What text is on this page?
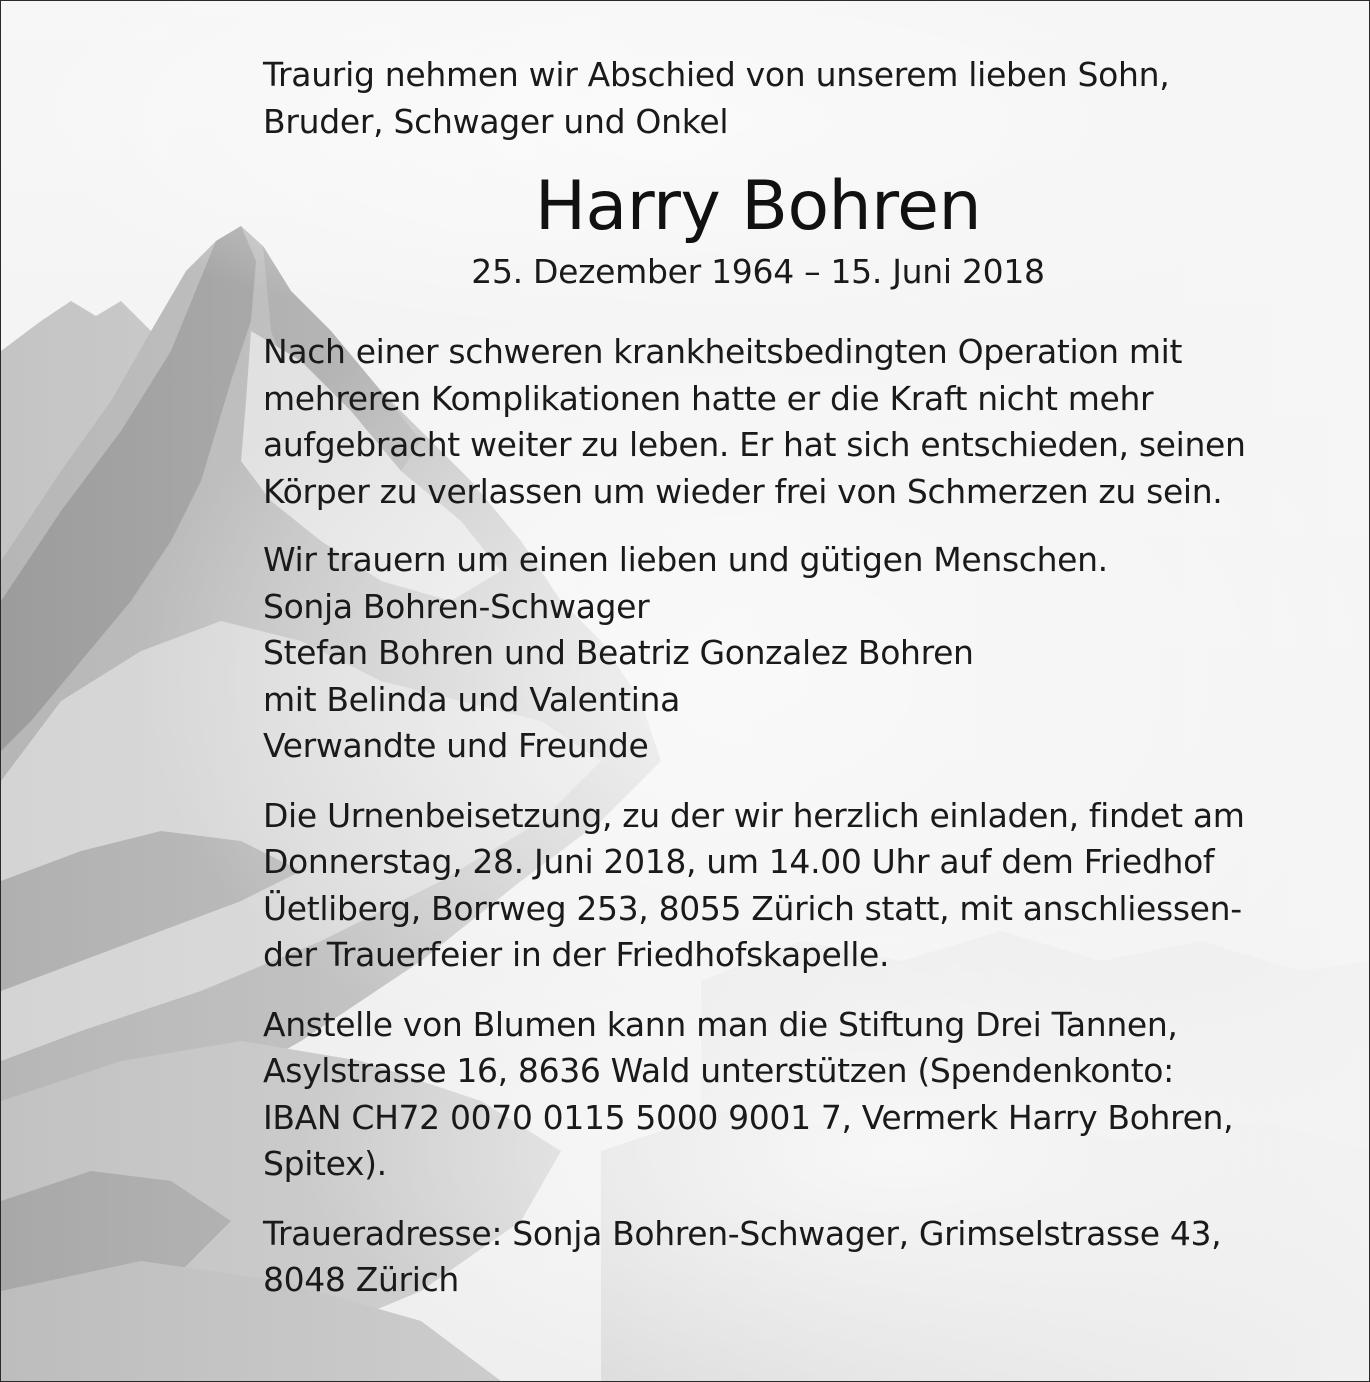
Traurig nehmen wir Abschied von unserem lieben Sohn,
Bruder, Schwager und Onkel

Harry Bohren

25. Dezember 1964 – 15. Juni 2018

Nach einer schweren krankheitsbedingten Operation mit
mehreren Komplikationen hatte er die Kraft nicht mehr
aufgebracht weiter zu leben. Er hat sich entschieden, seinen
Körper zu verlassen um wieder frei von Schmerzen zu sein.

Wir trauern um einen lieben und gütigen Menschen.
Sonja Bohren-Schwager
Stefan Bohren und Beatriz Gonzalez Bohren
mit Belinda und Valentina
Verwandte und Freunde

Die Urnenbeisetzung, zu der wir herzlich einladen, findet am
Donnerstag, 28. Juni 2018, um 14.00 Uhr auf dem Friedhof
Üetliberg, Borrweg 253, 8055 Zürich statt, mit anschliessen-
der Trauerfeier in der Friedhofskapelle.

Anstelle von Blumen kann man die Stiftung Drei Tannen,
Asylstrasse 16, 8636 Wald unterstützen (Spendenkonto:
IBAN CH72 0070 0115 5000 9001 7, Vermerk Harry Bohren,
Spitex).

Traueradresse: Sonja Bohren-Schwager, Grimselstrasse 43,
8048 Zürich
